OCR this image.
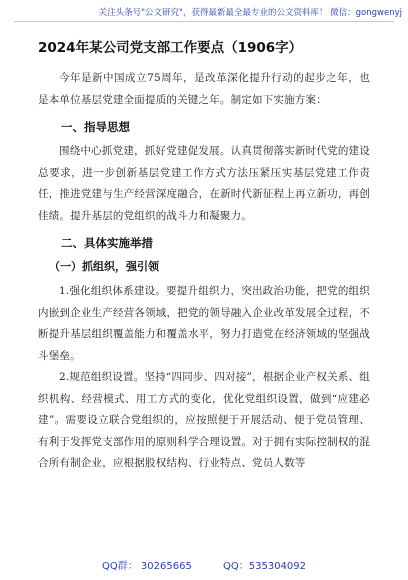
关注头条号"公文研究"，获得最新最全最专业的公文资料库！ 微信：gongwenyj
2024年某公司党支部工作要点（1906字）

今年是新中国成立75周年，是改革深化提升行动的起步之年，也是本单位基层党建全面提质的关键之年。制定如下实施方案：

一、指导思想

围绕中心抓党建，抓好党建促发展。认真贯彻落实新时代党的建设总要求，进一步创新基层党建工作方式方法压紧压实基层党建工作责任，推进党建与生产经营深度融合，在新时代新征程上再立新功，再创佳绩。提升基层的党组织的战斗力和凝聚力。

二、具体实施举措
（一）抓组织，强引领

1.强化组织体系建设。要提升组织力，突出政治功能，把党的组织内嵌到企业生产经营各领域，把党的领导融入企业改革发展全过程，不断提升基层组织覆盖能力和覆盖水平，努力打造党在经济领域的坚强战斗堡垒。

2.规范组织设置。坚持“四同步、四对接”，根据企业产权关系、组织机构、经营模式、用工方式的变化，优化党组织设置，做到“应建必建”。需要设立联合党组织的，应按照便于开展活动、便于党员管理、有利于发挥党支部作用的原则科学合理设置。对于拥有实际控制权的混合所有制企业，应根据股权结构、行业特点、党员人数等

QQ群： 30265665	QQ：535304092
